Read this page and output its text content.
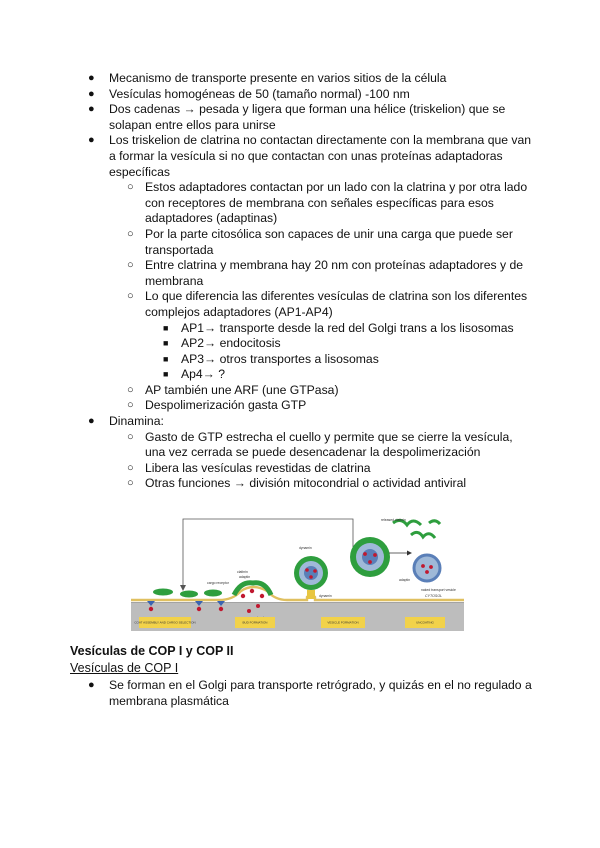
● Mecanismo de transporte presente en varios sitios de la célula
● Vesículas homogéneas de 50 (tamaño normal) -100 nm
● Dos cadenas → pesada y ligera que forman una hélice (triskelion) que se solapan entre ellos para unirse
● Los triskelion de clatrina no contactan directamente con la membrana que van a formar la vesícula si no que contactan con unas proteínas adaptadoras específicas
○ Estos adaptadores contactan por un lado con la clatrina y por otra lado con receptores de membrana con señales específicas para esos adaptadores (adaptinas)
○ Por la parte citosólica son capaces de unir una carga que puede ser transportada
○ Entre clatrina y membrana hay 20 nm con proteínas adaptadores y de membrana
○ Lo que diferencia las diferentes vesículas de clatrina son los diferentes complejos adaptadores (AP1-AP4)
■ AP1→ transporte desde la red del Golgi trans a los lisosomas
■ AP2→ endocitosis
■ AP3→ otros transportes a lisosomas
■ Ap4→ ?
○ AP también une ARF (une GTPasa)
○ Despolimerización gasta GTP
● Dinamina:
○ Gasto de GTP estrecha el cuello y permite que se cierre la vesícula, una vez cerrada se puede desencadenar la despolimerización
○ Libera las vesículas revestidas de clatrina
○ Otras funciones → división mitocondrial o actividad antiviral
cargo receptor
adaptin
clathrin
dynamin
released clathrin
naked transport vesicle
CYTOSOL
dynamin
adaptin
COAT ASSEMBLY AND CARGO SELECTION	BUD FORMATION	VESICLE FORMATION	UNCOATING
Vesículas de COP I y COP II
Vesículas de COP I
● Se forman en el Golgi para transporte retrógrado, y quizás en el no regulado a membrana plasmática
